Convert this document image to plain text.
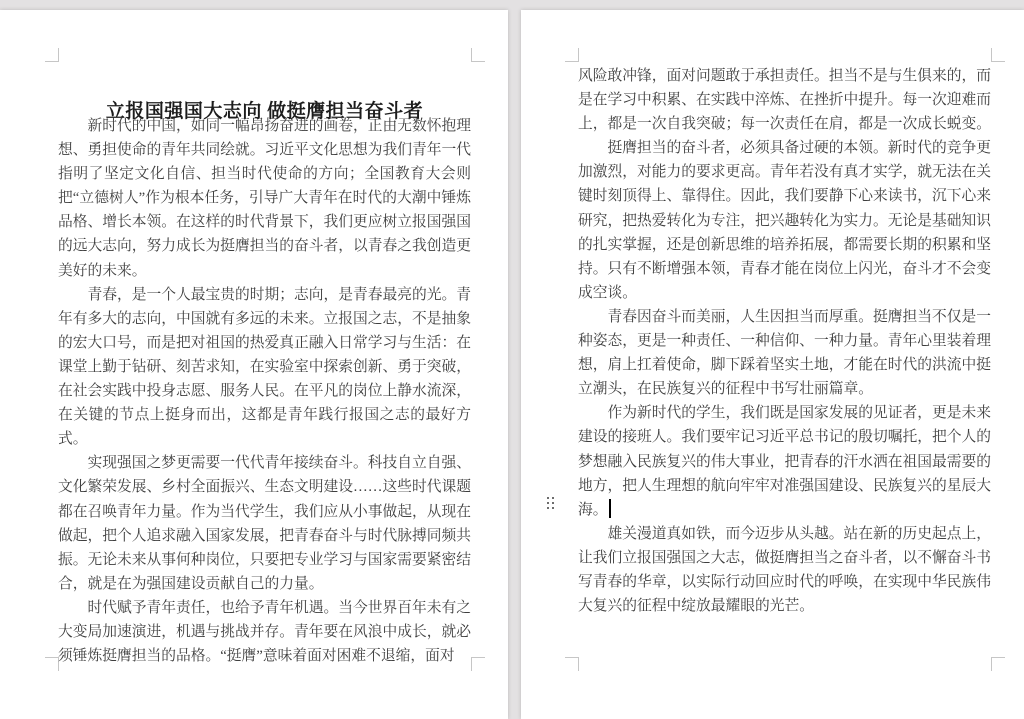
立报国强国大志向 做挺膺担当奋斗者
新时代的中国，如同一幅昂扬奋进的画卷，正由无数怀抱理想、勇担使命的青年共同绘就。习近平文化思想为我们青年一代指明了坚定文化自信、担当时代使命的方向；全国教育大会则把“立德树人”作为根本任务，引导广大青年在时代的大潮中锤炼品格、增长本领。在这样的时代背景下，我们更应树立报国强国的远大志向，努力成长为挺膺担当的奋斗者，以青春之我创造更美好的未来。
青春，是一个人最宝贵的时期；志向，是青春最亮的光。青年有多大的志向，中国就有多远的未来。立报国之志，不是抽象的宏大口号，而是把对祖国的热爱真正融入日常学习与生活：在课堂上勤于钻研、刻苦求知，在实验室中探索创新、勇于突破，在社会实践中投身志愿、服务人民。在平凡的岗位上静水流深，在关键的节点上挺身而出，这都是青年践行报国之志的最好方式。
实现强国之梦更需要一代代青年接续奋斗。科技自立自强、文化繁荣发展、乡村全面振兴、生态文明建设……这些时代课题都在召唤青年力量。作为当代学生，我们应从小事做起，从现在做起，把个人追求融入国家发展，把青春奋斗与时代脉搏同频共振。无论未来从事何种岗位，只要把专业学习与国家需要紧密结合，就是在为强国建设贡献自己的力量。
时代赋予青年责任，也给予青年机遇。当今世界百年未有之大变局加速演进，机遇与挑战并存。青年要在风浪中成长，就必须锤炼挺膺担当的品格。“挺膺”意味着面对困难不退缩，面对
风险敢冲锋，面对问题敢于承担责任。担当不是与生俱来的，而是在学习中积累、在实践中淬炼、在挫折中提升。每一次迎难而上，都是一次自我突破；每一次责任在肩，都是一次成长蜕变。
挺膺担当的奋斗者，必须具备过硬的本领。新时代的竞争更加激烈，对能力的要求更高。青年若没有真才实学，就无法在关键时刻顶得上、靠得住。因此，我们要静下心来读书，沉下心来研究，把热爱转化为专注，把兴趣转化为实力。无论是基础知识的扎实掌握，还是创新思维的培养拓展，都需要长期的积累和坚持。只有不断增强本领，青春才能在岗位上闪光，奋斗才不会变成空谈。
青春因奋斗而美丽，人生因担当而厚重。挺膺担当不仅是一种姿态，更是一种责任、一种信仰、一种力量。青年心里装着理想，肩上扛着使命，脚下踩着坚实土地，才能在时代的洪流中挺立潮头，在民族复兴的征程中书写壮丽篇章。
作为新时代的学生，我们既是国家发展的见证者，更是未来建设的接班人。我们要牢记习近平总书记的殷切嘱托，把个人的梦想融入民族复兴的伟大事业，把青春的汗水洒在祖国最需要的地方，把人生理想的航向牢牢对准强国建设、民族复兴的星辰大海。
雄关漫道真如铁，而今迈步从头越。站在新的历史起点上，让我们立报国强国之大志，做挺膺担当之奋斗者，以不懈奋斗书写青春的华章，以实际行动回应时代的呼唤，在实现中华民族伟大复兴的征程中绽放最耀眼的光芒。
